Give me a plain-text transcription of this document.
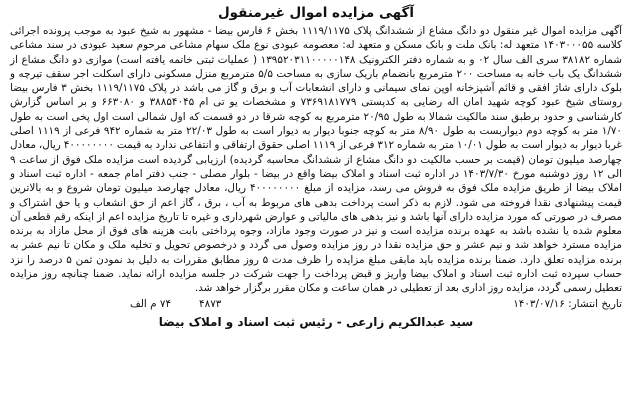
آگهی مزایده اموال غیرمنقول

آگهی مزایده اموال غیر منقول دو دانگ مشاع از ششدانگ پلاک ۱۱۱۹/۱۱۷۵ بخش ۶ فارس بیضا - مشهور به شیخ عبود به موجب پرونده اجرائی کلاسه ۱۴۰۳۰۰۰۵۵ متعهد له: بانک ملت و بانک مسکن و متعهد له: معصومه عبودی نوع ملک سهام مشاعی مرحوم سعید عبودی در سند مشاعی شماره ۳۸۱۸۲ سری الف سال ۰۲ و به شماره دفتر الکترونیک ۱۳۹۵۲۰۳۱۱۰۰۰۰۰۱۴۸ ( عملیات ثبتی خاتمه یافته است) موازی دو دانگ مشاع از ششدانگ یک باب خانه به مساحت ۲۰۰ مترمربع بانضمام باریک سازی به مساحت ۵/۵ مترمربع منزل مسکونی دارای اسکلت اجر سقف تیرچه و بلوک دارای شاژ افقی و قائم آشپزخانه اوپن نمای سیمانی و دارای انشعابات آب و برق و گاز می باشد در پلاک ۱۱۱۹/۱۱۷۵ بخش ۳ فارس بیضا روستای شیخ عبود کوچه شهید امان اله رضایی به کدپستی ۷۳۶۹۱۸۱۷۷۹ و مشخصات یو تی ام ۳۸۸۵۴۰۴۵ و ۶۶۳۰۸۰ و بر اساس گزارش کارشناسی و حدود برطبق سند مالکیت شمالا به طول ۲۰/۹۵ مترمربع به کوچه شرقا در دو قسمت که اول شمالی است اول پخی است به طول ۱/۷۰ متر به کوچه دوم دیواربست به طول ۸/۹۰ متر به کوچه جنوبا دیوار به دیوار است به طول ۲۲/۰۳ متر به شماره ۹۴۲ فرعی از ۱۱۱۹ اصلی غربا دیوار به دیوار است به طول ۱۰/۰۱ متر به شماره ۳۱۲ فرعی از ۱۱۱۹ اصلی حقوق ارتفاقی و انتفاعی ندارد به قیمت ۴۰۰۰۰۰۰۰۰ ریال، معادل چهارصد میلیون تومان (قیمت بر حسب مالکیت دو دانگ مشاع از ششدانگ محاسبه گردیده) ارزیابی گردیده است مزایده ملک فوق از ساعت ۹ الی ۱۲ روز دوشنبه مورخ ۱۴۰۳/۷/۳۰ در اداره ثبت اسناد و املاک بیضا واقع در بیضا - بلوار مصلی - جنب دفتر امام جمعه - اداره ثبت اسناد و املاک بیضا از طریق مزایده ملک فوق به فروش می رسد، مزایده از مبلغ ۴۰۰۰۰۰۰۰۰ ریال، معادل چهارصد میلیون تومان شروع و به بالاترین قیمت پیشنهادی نقدا فروخته می شود. لازم به ذکر است پرداخت بدهی های مربوط به آب ، برق ، گاز اعم از حق انشعاب و یا حق اشتراک و مصرف در صورتی که مورد مزایده دارای آنها باشد و نیز بدهی های مالیاتی و عوارض شهرداری و غیره تا تاریخ مزایده اعم از اینکه رقم قطعی آن معلوم شده یا نشده باشد به عهده برنده مزایده است و نیز در صورت وجود مازاد، وجوه پرداختی بابت هزینه های فوق از محل مازاد به برنده مزایده مسترد خواهد شد و نیم عشر و حق مزایده نقدا در روز مزایده وصول می گردد و درخصوص تحویل و تخلیه ملک و مکان تا نیم عشر به برنده مزایده تعلق دارد. ضمنا برنده مزایده باید مابقی مبلغ مزایده را ظرف مدت ۵ روز مطابق مقررات به دلیل بد نمودن ثمن ۵ درصد را نزد حساب سپرده ثبت اداره ثبت اسناد و املاک بیضا واریز و قبض پرداخت را جهت شرکت در جلسه مزایده ارائه نماید. ضمنا چنانچه روز مزایده تعطیل رسمی گردد، مزایده روز اداری بعد از تعطیلی در همان ساعت و مکان مقرر برگزار خواهد شد.

تاریخ انتشار: ۱۴۰۳/۰۷/۱۶
۴۸۷۳
۷۴ م الف
سید عبدالکریم زارعی - رئیس ثبت اسناد و املاک بیضا
